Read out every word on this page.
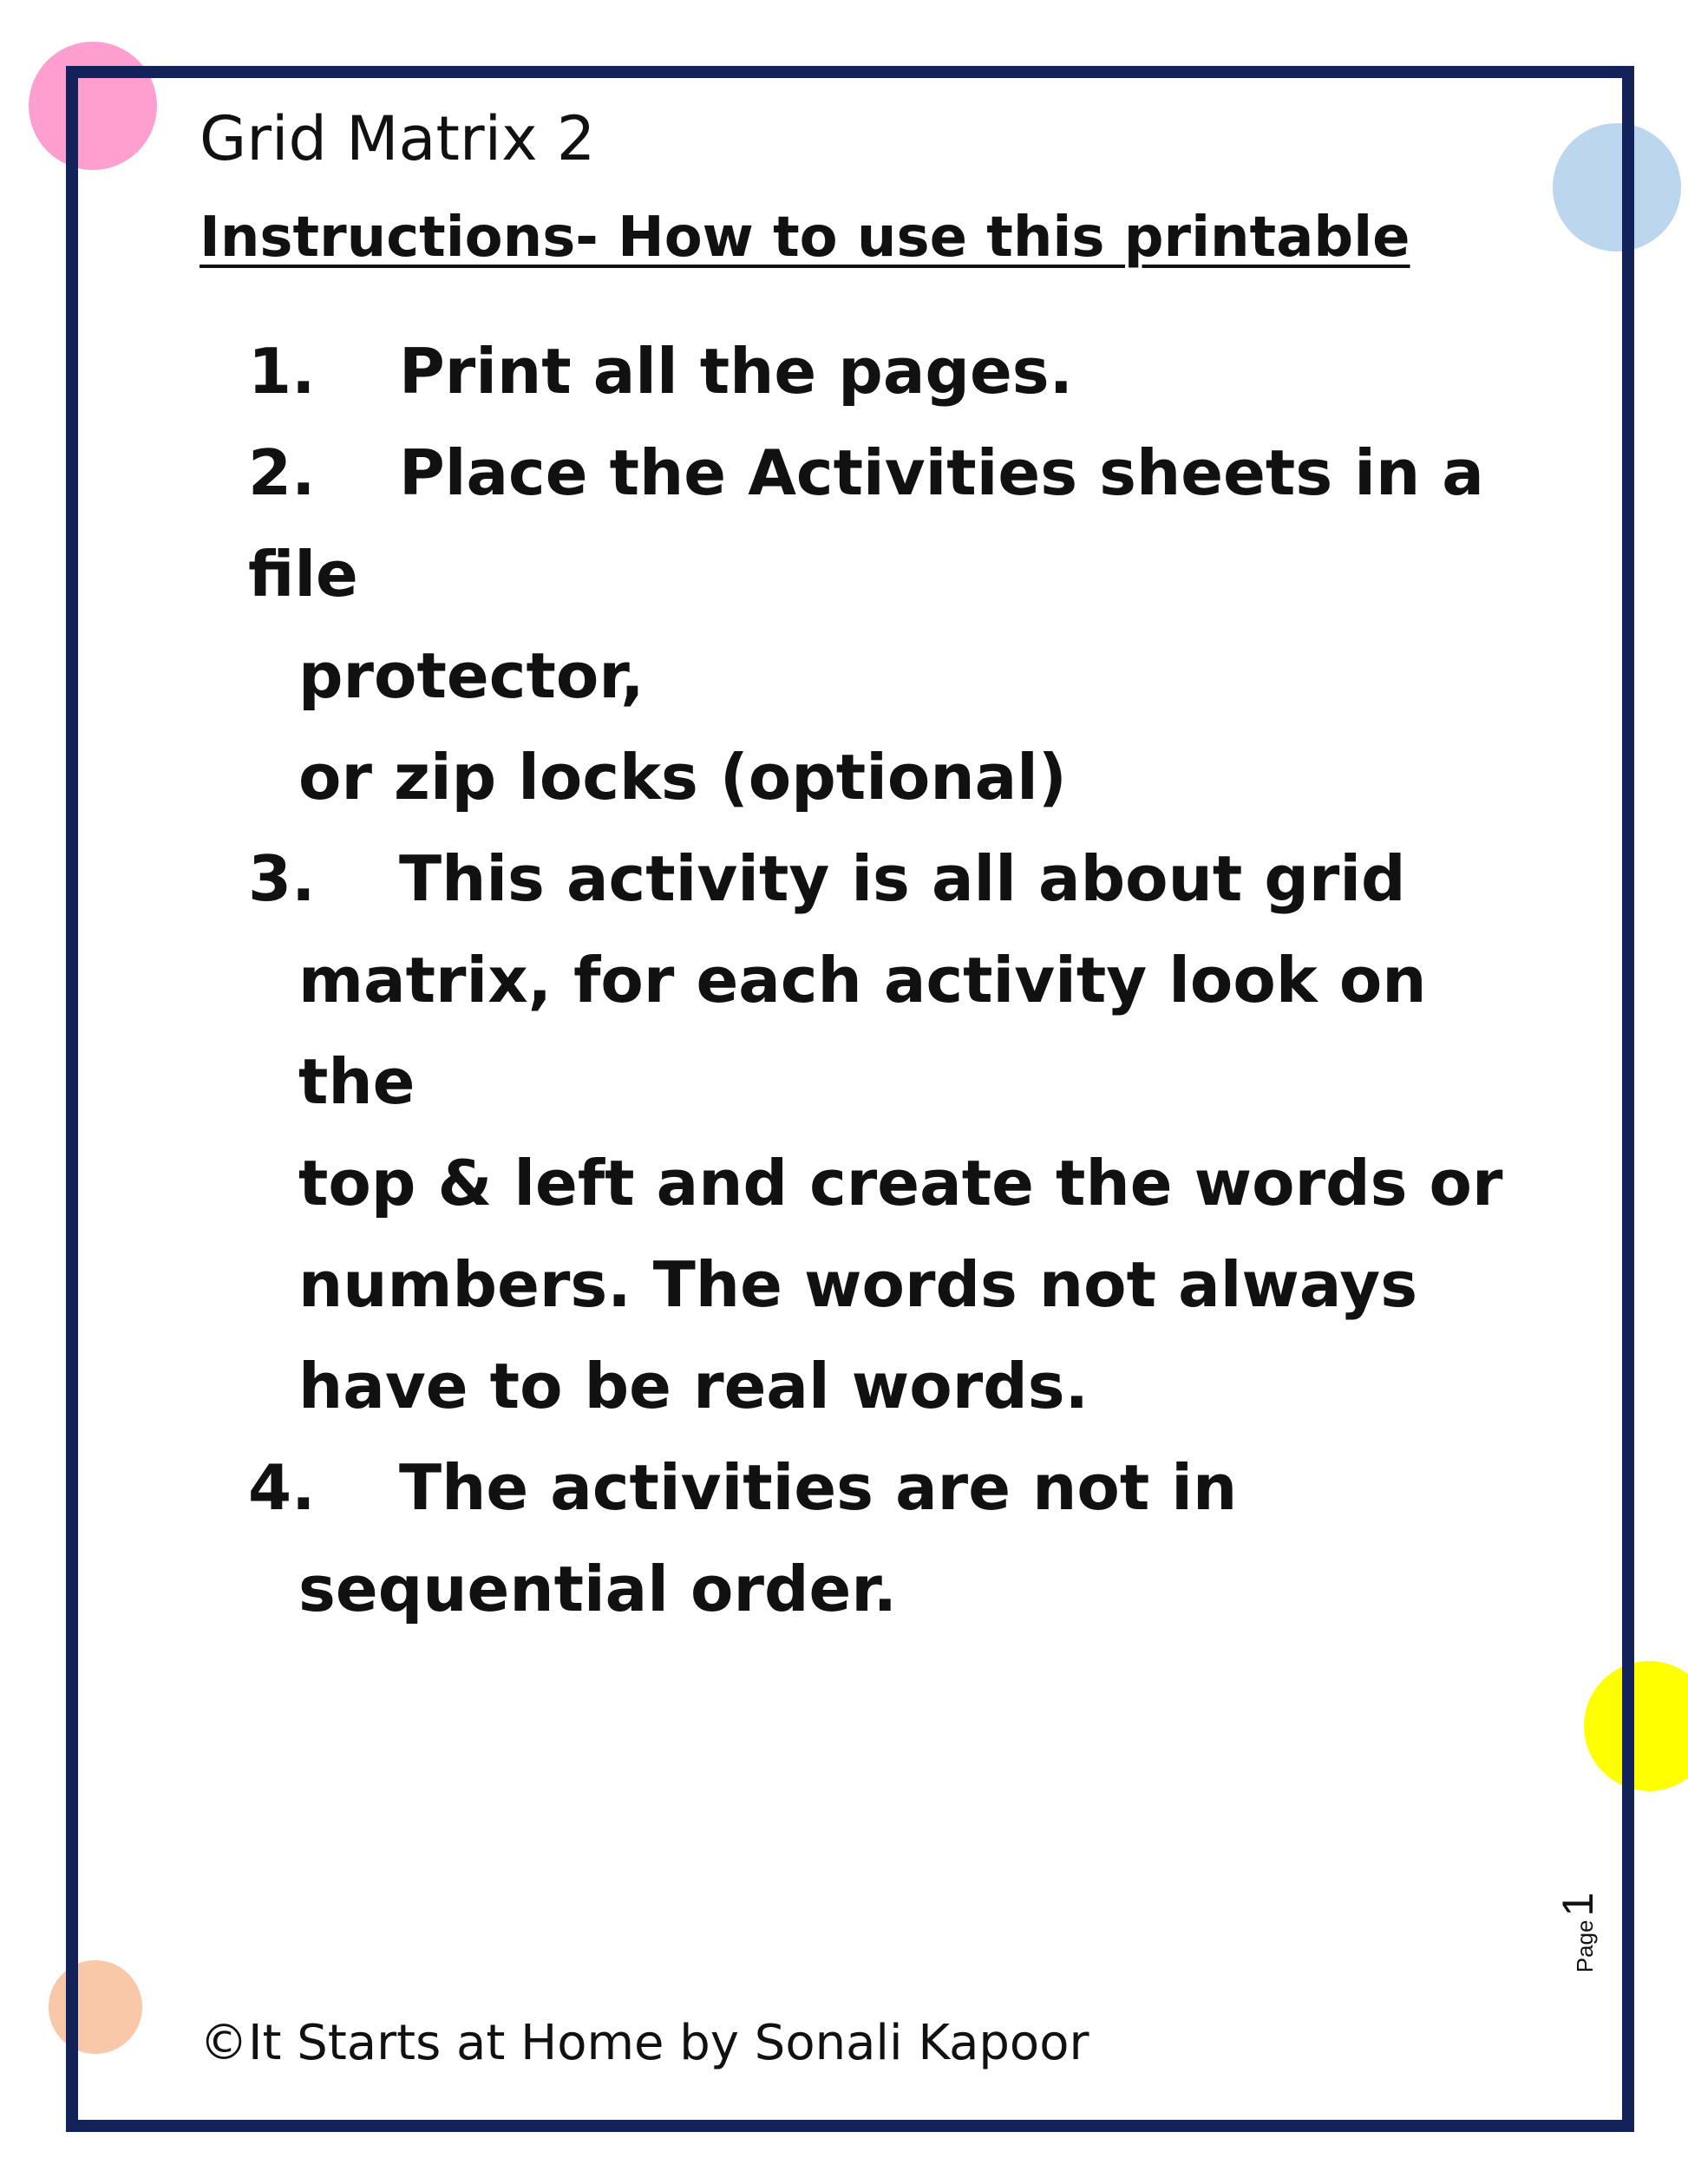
Grid Matrix 2
Instructions- How to use this printable
1. Print all the pages.
2. Place the Activities sheets in a file
protector,
or zip locks (optional)
3. This activity is all about grid
matrix, for each activity look on the
top & left and create the words or
numbers. The words not always
have to be real words.
4. The activities are not in
sequential order.
©It Starts at Home by Sonali Kapoor
Page
1
